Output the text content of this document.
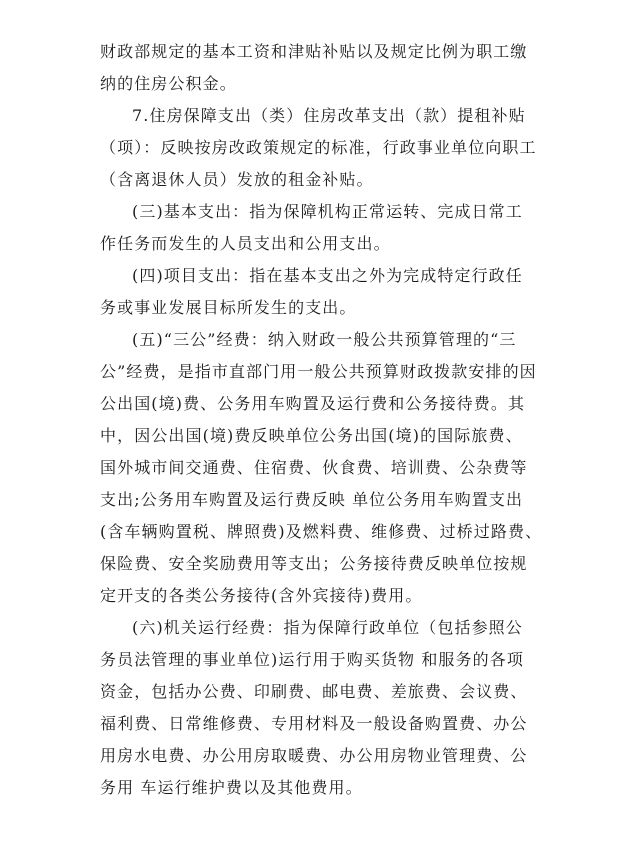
财政部规定的基本工资和津贴补贴以及规定比例为职工缴
纳的住房公积金。
7.住房保障支出（类）住房改革支出（款）提租补贴
（项）：反映按房改政策规定的标准，行政事业单位向职工
（含离退休人员）发放的租金补贴。
(三)基本支出：指为保障机构正常运转、完成日常工
作任务而发生的人员支出和公用支出。
(四)项目支出：指在基本支出之外为完成特定行政任
务或事业发展目标所发生的支出。
(五)“三公”经费：纳入财政一般公共预算管理的“三
公”经费，是指市直部门用一般公共预算财政拨款安排的因
公出国(境)费、公务用车购置及运行费和公务接待费。其
中，因公出国(境)费反映单位公务出国(境)的国际旅费、
国外城市间交通费、住宿费、伙食费、培训费、公杂费等
支出;公务用车购置及运行费反映 单位公务用车购置支出
(含车辆购置税、牌照费)及燃料费、维修费、过桥过路费、
保险费、安全奖励费用等支出；公务接待费反映单位按规
定开支的各类公务接待(含外宾接待)费用。
(六)机关运行经费：指为保障行政单位（包括参照公
务员法管理的事业单位)运行用于购买货物 和服务的各项
资金，包括办公费、印刷费、邮电费、差旅费、会议费、
福利费、日常维修费、专用材料及一般设备购置费、办公
用房水电费、办公用房取暖费、办公用房物业管理费、公
务用 车运行维护费以及其他费用。
